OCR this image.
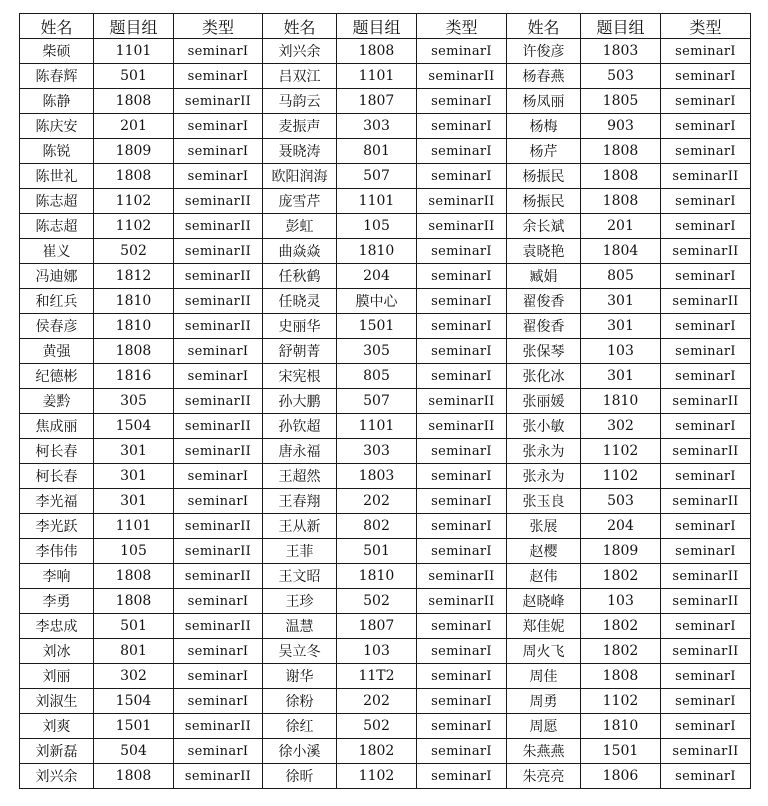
姓名	题目组	类型	姓名	题目组	类型	姓名	题目组	类型
柴硕	1101	seminarI	刘兴余	1808	seminarI	许俊彦	1803	seminarI
陈春辉	501	seminarI	吕双江	1101	seminarII	杨春燕	503	seminarI
陈静	1808	seminarII	马韵云	1807	seminarI	杨凤丽	1805	seminarI
陈庆安	201	seminarI	麦振声	303	seminarI	杨梅	903	seminarI
陈锐	1809	seminarI	聂晓涛	801	seminarI	杨芹	1808	seminarI
陈世礼	1808	seminarI	欧阳润海	507	seminarI	杨振民	1808	seminarII
陈志超	1102	seminarII	庞雪芹	1101	seminarII	杨振民	1808	seminarI
陈志超	1102	seminarII	彭虹	105	seminarII	余长斌	201	seminarI
崔义	502	seminarII	曲焱焱	1810	seminarI	袁晓艳	1804	seminarII
冯迪娜	1812	seminarII	任秋鹤	204	seminarI	臧娟	805	seminarI
和红兵	1810	seminarII	任晓灵	膜中心	seminarI	翟俊香	301	seminarII
侯春彦	1810	seminarII	史丽华	1501	seminarI	翟俊香	301	seminarI
黄强	1808	seminarI	舒朝菁	305	seminarI	张保琴	103	seminarI
纪德彬	1816	seminarI	宋宪根	805	seminarI	张化冰	301	seminarI
姜黔	305	seminarII	孙大鹏	507	seminarII	张丽媛	1810	seminarII
焦成丽	1504	seminarII	孙钦超	1101	seminarII	张小敏	302	seminarI
柯长春	301	seminarII	唐永福	303	seminarI	张永为	1102	seminarII
柯长春	301	seminarI	王超然	1803	seminarI	张永为	1102	seminarI
李光福	301	seminarI	王春翔	202	seminarI	张玉良	503	seminarII
李光跃	1101	seminarII	王从新	802	seminarI	张展	204	seminarI
李伟伟	105	seminarII	王菲	501	seminarI	赵樱	1809	seminarI
李响	1808	seminarII	王文昭	1810	seminarII	赵伟	1802	seminarII
李勇	1808	seminarI	王珍	502	seminarII	赵晓峰	103	seminarII
李忠成	501	seminarII	温慧	1807	seminarI	郑佳妮	1802	seminarI
刘冰	801	seminarI	吴立冬	103	seminarI	周火飞	1802	seminarII
刘丽	302	seminarI	谢华	11T2	seminarI	周佳	1808	seminarI
刘淑生	1504	seminarI	徐粉	202	seminarI	周勇	1102	seminarI
刘爽	1501	seminarII	徐红	502	seminarI	周愿	1810	seminarI
刘新磊	504	seminarI	徐小溪	1802	seminarI	朱燕燕	1501	seminarII
刘兴余	1808	seminarII	徐昕	1102	seminarI	朱亮亮	1806	seminarI
